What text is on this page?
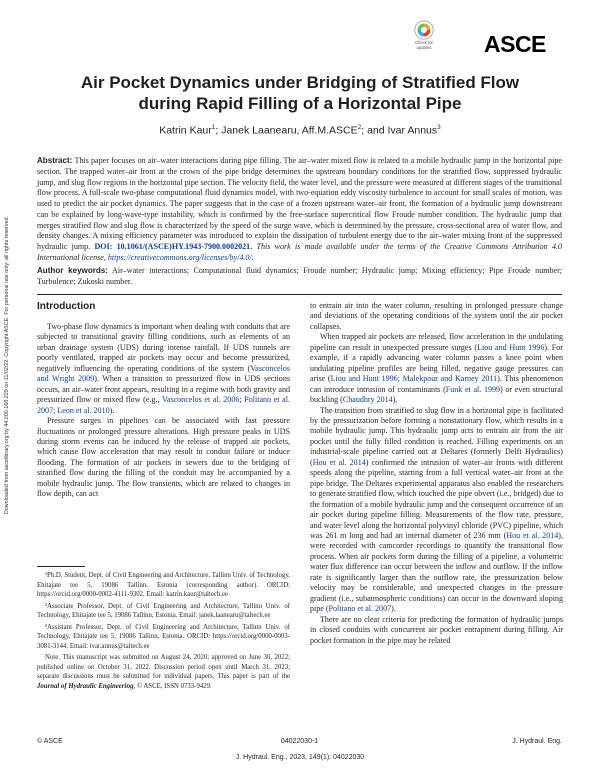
Downloaded from ascelibrary.org by 44.200.168.229 on 11/02/22. Copyright ASCE. For personal use only; all rights reserved.
Check for
updates ASCE
Air Pocket Dynamics under Bridging of Stratified Flow during Rapid Filling of a Horizontal Pipe
Katrin Kaur$^1$; Janek Laanearu, Aff.M.ASCE$^2$; and Ivar Annus$^3$

Abstract: This paper focuses on air–water interactions during pipe filling. The air–water mixed flow is related to a mobile hydraulic jump in the horizontal pipe section. The trapped water–air front at the crown of the pipe bridge determines the upstream boundary conditions for the stratified flow, suppressed hydraulic jump, and slug flow regions in the horizontal pipe section. The velocity field, the water level, and the pressure were measured at different stages of the transitional flow process. A full-scale two-phase computational fluid dynamics model, with two-equation eddy viscosity turbulence to account for small scales of motion, was used to predict the air pocket dynamics. The paper suggests that in the case of a frozen upstream water–air front, the formation of a hydraulic jump downstream can be explained by long-wave-type instability, which is confirmed by the free-surface supercritical flow Froude number condition. The hydraulic jump that merges stratified flow and slug flow is characterized by the speed of the surge wave, which is determined by the pressure, cross-sectional area of water flow, and density changes. A mixing efficiency parameter was introduced to explain the dissipation of turbulent energy due to the air–water mixing front of the suppressed hydraulic jump. DOI: 10.1061/(ASCE)HY.1943-7900.0002021. This work is made available under the terms of the Creative Commons Attribution 4.0 International license, https://creativecommons.org/licenses/by/4.0/.

Author keywords: Air–water interactions; Computational fluid dynamics; Froude number; Hydraulic jump; Mixing efficiency; Pipe Froude number; Turbulence; Zukoski number.

Introduction

Two-phase flow dynamics is important when dealing with conduits that are subjected to transitional gravity filling conditions, such as elements of an urban drainage system (UDS) during intense rainfall. If UDS tunnels are poorly ventilated, trapped air pockets may occur and become pressurized, negatively influencing the operating conditions of the system (Vasconcelos and Wright 2009). When a transition to pressurized flow in UDS sections occurs, an air–water front appears, resulting in a regime with both gravity and pressurized flow or mixed flow (e.g., Vasconcelos et al. 2006; Politano et al. 2007; Leon et al. 2010).

Pressure surges in pipelines can be associated with fast pressure fluctuations or prolonged pressure alterations. High pressure peaks in UDS during storm events can be induced by the release of trapped air pockets, which cause flow acceleration that may result in conduit failure or induce flooding. The formation of air pockets in sewers due to the bridging of stratified flow during the filling of the conduit may be accompanied by a mobile hydraulic jump. The flow transients, which are related to changes in flow depth, can act

¹Ph.D. Student, Dept. of Civil Engineering and Architecture, Tallinn Univ. of Technology, Ehitajate tee 5, 19086 Tallinn, Estonia (corresponding author). ORCID: https://orcid.org/0000-0002-4111-9302. Email: katrin.kaur@taltech.ee

²Associate Professor, Dept. of Civil Engineering and Architecture, Tallinn Univ. of Technology, Ehitajate tee 5, 19086 Tallinn, Estonia. Email: janek.laanearu@taltech.ee

³Assistant Professor, Dept. of Civil Engineering and Architecture, Tallinn Univ. of Technology, Ehitajate tee 5, 19086 Tallinn, Estonia. ORCID: https://orcid.org/0000-0003-3081-3144. Email: ivar.annus@taltech.ee

Note. This manuscript was submitted on August 24, 2020; approved on June 30, 2022; published online on October 31, 2022. Discussion period open until March 31, 2023; separate discussions must be submitted for individual papers. This paper is part of the Journal of Hydraulic Engineering, © ASCE, ISSN 0733-9429.

to entrain air into the water column, resulting in prolonged pressure change and deviations of the operating conditions of the system until the air pocket collapses.

When trapped air pockets are released, flow acceleration in the undulating pipeline can result in unexpected pressure surges (Liou and Hunt 1996). For example, if a rapidly advancing water column passes a knee point when undulating pipeline profiles are being filled, negative gauge pressures can arise (Liou and Hunt 1996; Malekpour and Karney 2011). This phenomenon can introduce intrusion of contaminants (Funk et al. 1999) or even structural buckling (Chaudhry 2014).

The transition from stratified to slug flow in a horizontal pipe is facilitated by the pressurization before forming a nonstationary flow, which results in a mobile hydraulic jump. This hydraulic jump acts to entrain air from the air pocket until the fully filled condition is reached. Filling experiments on an industrial-scale pipeline carried out at Deltares (formerly Delft Hydraulics) (Hou et al. 2014) confirmed the intrusion of water–air fronts with different speeds along the pipeline, starting from a full vertical water–air front at the pipe bridge. The Deltares experimental apparatus also enabled the researchers to generate stratified flow, which touched the pipe obvert (i.e., bridged) due to the formation of a mobile hydraulic jump and the consequent occurrence of an air pocket during pipeline filling. Measurements of the flow rate, pressure, and water level along the horizontal polyvinyl chloride (PVC) pipeline, which was 261 m long and had an internal diameter of 236 mm (Hou et al. 2014), were recorded with camcorder recordings to quantify the transitional flow process. When air pockets form during the filling of a pipeline, a volumetric water flux difference can occur between the inflow and outflow. If the inflow rate is significantly larger than the outflow rate, the pressurization below velocity may be considerable, and unexpected changes in the pressure gradient (i.e., subatmospheric conditions) can occur in the downward sloping pipe (Politano et al. 2007).

There are no clear criteria for predicting the formation of hydraulic jumps in closed conduits with concurrent air pocket entrapment during filling. Air pocket formation in the pipe may be related

© ASCE	04022030-1	J. Hydraul. Eng.
J. Hydraul. Eng., 2023, 149(1): 04022030
